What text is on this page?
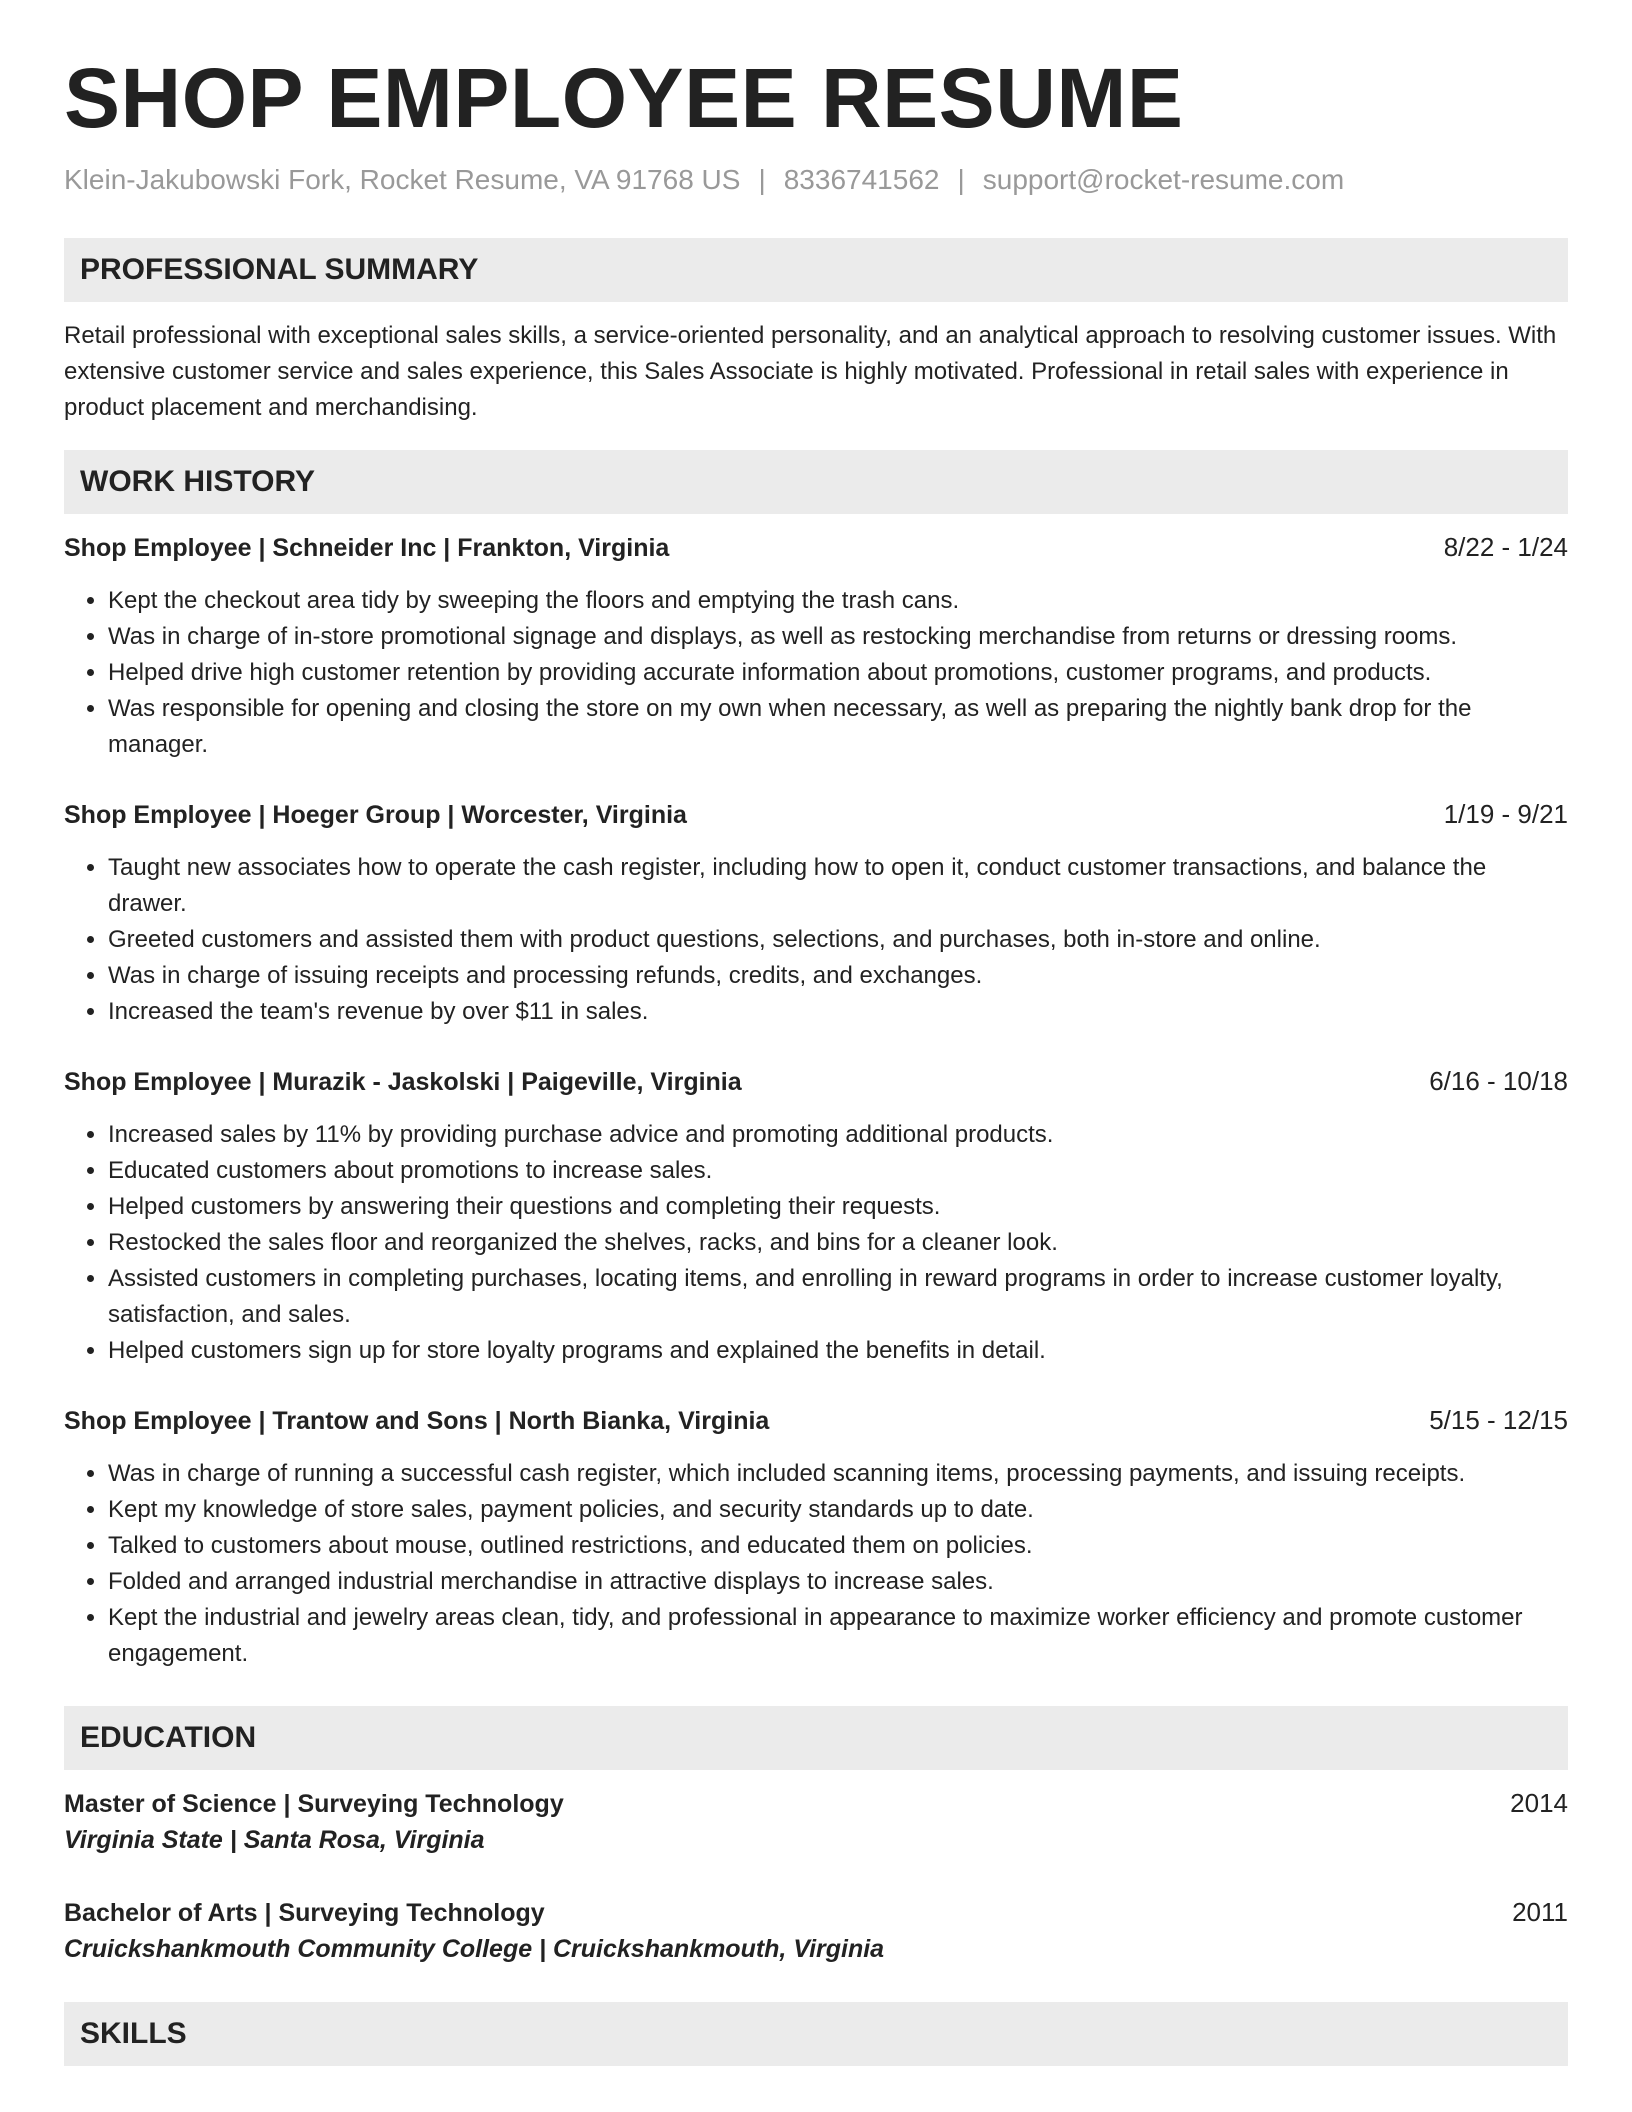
SHOP EMPLOYEE RESUME
Klein-Jakubowski Fork, Rocket Resume, VA 91768 US | 8336741562 | support@rocket-resume.com
PROFESSIONAL SUMMARY
Retail professional with exceptional sales skills, a service-oriented personality, and an analytical approach to resolving customer issues. With extensive customer service and sales experience, this Sales Associate is highly motivated. Professional in retail sales with experience in product placement and merchandising.
WORK HISTORY
Shop Employee | Schneider Inc | Frankton, Virginia	8/22 - 1/24
• Kept the checkout area tidy by sweeping the floors and emptying the trash cans.
• Was in charge of in-store promotional signage and displays, as well as restocking merchandise from returns or dressing rooms.
• Helped drive high customer retention by providing accurate information about promotions, customer programs, and products.
• Was responsible for opening and closing the store on my own when necessary, as well as preparing the nightly bank drop for the manager.
Shop Employee | Hoeger Group | Worcester, Virginia	1/19 - 9/21
• Taught new associates how to operate the cash register, including how to open it, conduct customer transactions, and balance the drawer.
• Greeted customers and assisted them with product questions, selections, and purchases, both in-store and online.
• Was in charge of issuing receipts and processing refunds, credits, and exchanges.
• Increased the team's revenue by over $11 in sales.
Shop Employee | Murazik - Jaskolski | Paigeville, Virginia	6/16 - 10/18
• Increased sales by 11% by providing purchase advice and promoting additional products.
• Educated customers about promotions to increase sales.
• Helped customers by answering their questions and completing their requests.
• Restocked the sales floor and reorganized the shelves, racks, and bins for a cleaner look.
• Assisted customers in completing purchases, locating items, and enrolling in reward programs in order to increase customer loyalty, satisfaction, and sales.
• Helped customers sign up for store loyalty programs and explained the benefits in detail.
Shop Employee | Trantow and Sons | North Bianka, Virginia	5/15 - 12/15
• Was in charge of running a successful cash register, which included scanning items, processing payments, and issuing receipts.
• Kept my knowledge of store sales, payment policies, and security standards up to date.
• Talked to customers about mouse, outlined restrictions, and educated them on policies.
• Folded and arranged industrial merchandise in attractive displays to increase sales.
• Kept the industrial and jewelry areas clean, tidy, and professional in appearance to maximize worker efficiency and promote customer engagement.
EDUCATION
Master of Science | Surveying Technology	2014
Virginia State | Santa Rosa, Virginia
Bachelor of Arts | Surveying Technology	2011
Cruickshankmouth Community College | Cruickshankmouth, Virginia
SKILLS
